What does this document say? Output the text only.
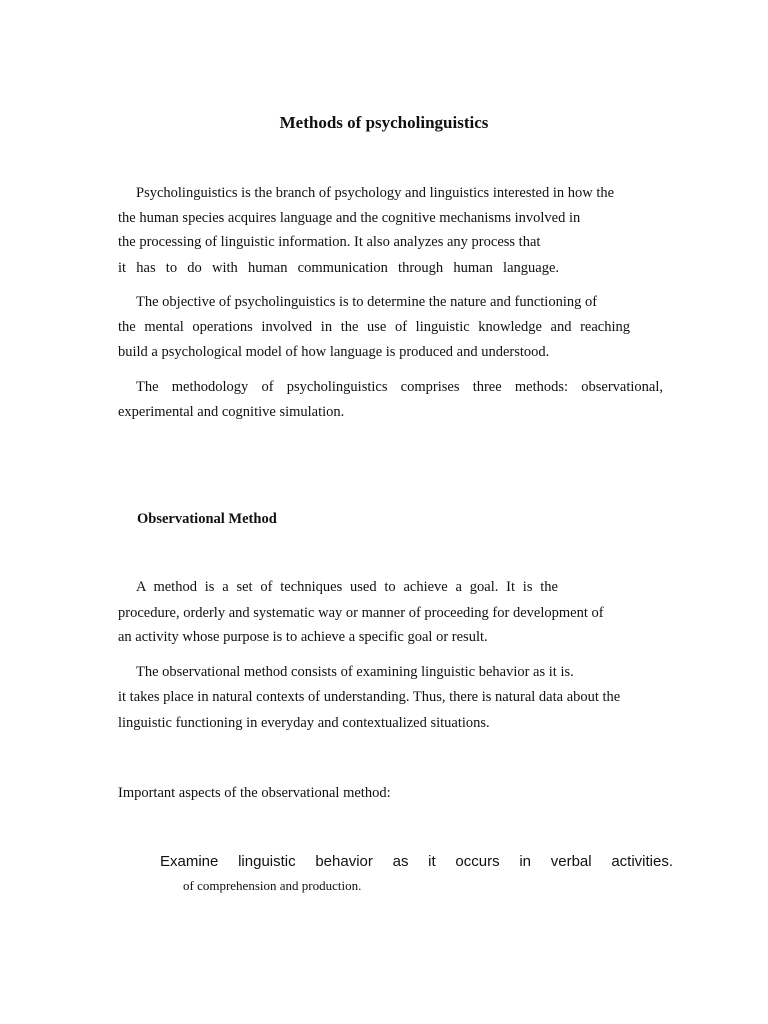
Methods of psycholinguistics

Psycholinguistics is the branch of psychology and linguistics interested in how the

the human species acquires language and the cognitive mechanisms involved in

the processing of linguistic information. It also analyzes any process that

it has to do with human communication through human language.

The objective of psycholinguistics is to determine the nature and functioning of

the mental operations involved in the use of linguistic knowledge and reaching

build a psychological model of how language is produced and understood.

The methodology of psycholinguistics comprises three methods: observational,

experimental and cognitive simulation.

Observational Method

A method is a set of techniques used to achieve a goal. It is the

procedure, orderly and systematic way or manner of proceeding for development of

an activity whose purpose is to achieve a specific goal or result.

The observational method consists of examining linguistic behavior as it is.

it takes place in natural contexts of understanding. Thus, there is natural data about the

linguistic functioning in everyday and contextualized situations.

Important aspects of the observational method:

Examine linguistic behavior as it occurs in verbal activities.

of comprehension and production.
